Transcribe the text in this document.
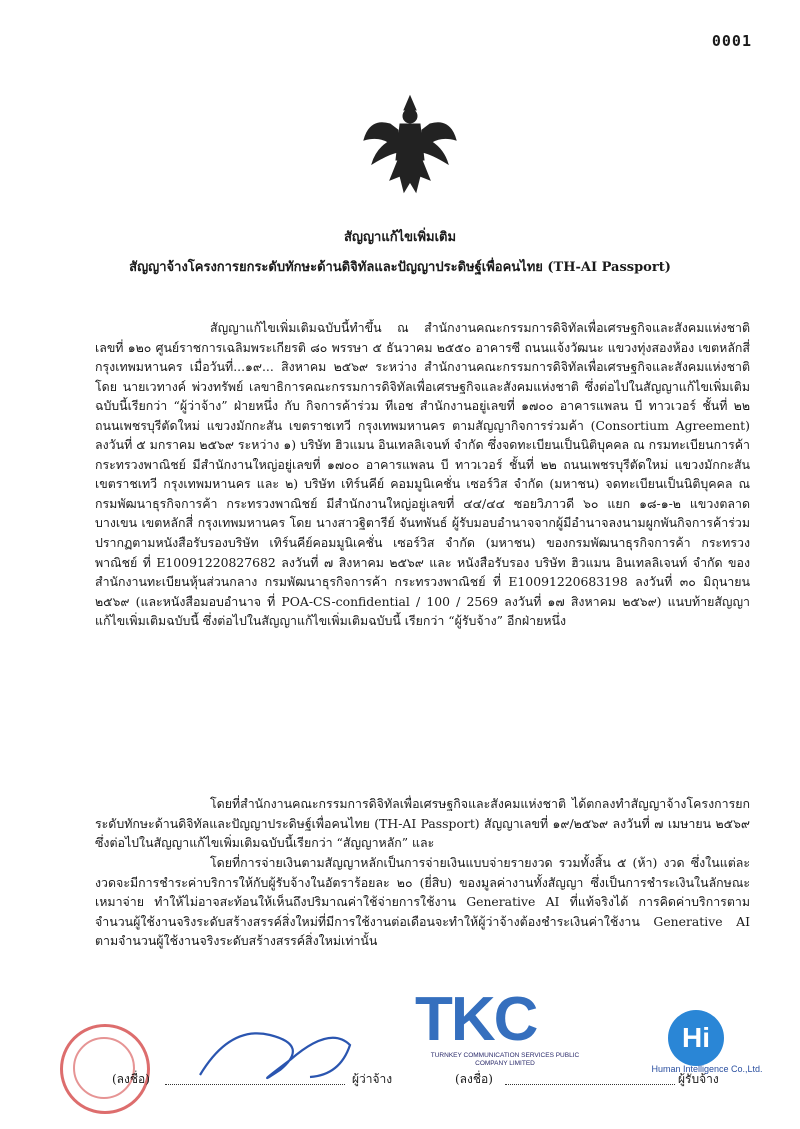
0001
สัญญาแก้ไขเพิ่มเติม
สัญญาจ้างโครงการยกระดับทักษะด้านดิจิทัลและปัญญาประดิษฐ์เพื่อคนไทย (TH-AI Passport)

สัญญาแก้ไขเพิ่มเติมฉบับนี้ทำขึ้น ณ สำนักงานคณะกรรมการดิจิทัลเพื่อเศรษฐกิจและสังคมแห่งชาติ เลขที่ ๑๒๐ ศูนย์ราชการเฉลิมพระเกียรติ ๘๐ พรรษา ๕ ธันวาคม ๒๕๕๐ อาคารซี ถนนแจ้งวัฒนะ แขวงทุ่งสองห้อง เขตหลักสี่ กรุงเทพมหานคร เมื่อวันที่...๑๙... สิงหาคม ๒๕๖๙ ระหว่าง สำนักงานคณะกรรมการดิจิทัลเพื่อเศรษฐกิจและสังคมแห่งชาติ โดย นายเวทางค์ พ่วงทรัพย์ เลขาธิการคณะกรรมการดิจิทัลเพื่อเศรษฐกิจและสังคมแห่งชาติ ซึ่งต่อไปในสัญญาแก้ไขเพิ่มเติมฉบับนี้เรียกว่า “ผู้ว่าจ้าง” ฝ่ายหนึ่ง กับ กิจการค้าร่วม ทีเอช สำนักงานอยู่เลขที่ ๑๗๐๐ อาคารแพลน บี ทาวเวอร์ ชั้นที่ ๒๒ ถนนเพชรบุรีตัดใหม่ แขวงมักกะสัน เขตราชเทวี กรุงเทพมหานคร ตามสัญญากิจการร่วมค้า (Consortium Agreement) ลงวันที่ ๕ มกราคม ๒๕๖๙ ระหว่าง ๑) บริษัท ฮิวแมน อินเทลลิเจนท์ จำกัด ซึ่งจดทะเบียนเป็นนิติบุคคล ณ กรมทะเบียนการค้า กระทรวงพาณิชย์ มีสำนักงานใหญ่อยู่เลขที่ ๑๗๐๐ อาคารแพลน บี ทาวเวอร์ ชั้นที่ ๒๒ ถนนเพชรบุรีตัดใหม่ แขวงมักกะสัน เขตราชเทวี กรุงเทพมหานคร และ ๒) บริษัท เทิร์นคีย์ คอมมูนิเคชั่น เซอร์วิส จำกัด (มหาชน) จดทะเบียนเป็นนิติบุคคล ณ กรมพัฒนาธุรกิจการค้า กระทรวงพาณิชย์ มีสำนักงานใหญ่อยู่เลขที่ ๔๔/๔๔ ซอยวิภาวดี ๖๐ แยก ๑๘-๑-๒ แขวงตลาดบางเขน เขตหลักสี่ กรุงเทพมหานคร โดย นางสาวฐิตารีย์ จันทพันธ์ ผู้รับมอบอำนาจจากผู้มีอำนาจลงนามผูกพันกิจการค้าร่วม ปรากฏตามหนังสือรับรองบริษัท เทิร์นคีย์คอมมูนิเคชั่น เซอร์วิส จำกัด (มหาชน) ของกรมพัฒนาธุรกิจการค้า กระทรวงพาณิชย์ ที่ E10091220827682 ลงวันที่ ๗ สิงหาคม ๒๕๖๙ และ หนังสือรับรอง บริษัท ฮิวแมน อินเทลลิเจนท์ จำกัด ของสำนักงานทะเบียนหุ้นส่วนกลาง กรมพัฒนาธุรกิจการค้า กระทรวงพาณิชย์ ที่ E10091220683198 ลงวันที่ ๓๐ มิถุนายน ๒๕๖๙ (และหนังสือมอบอำนาจ ที่ POA-CS-confidential / 100 / 2569 ลงวันที่ ๑๗ สิงหาคม ๒๕๖๙) แนบท้ายสัญญาแก้ไขเพิ่มเติมฉบับนี้ ซึ่งต่อไปในสัญญาแก้ไขเพิ่มเติมฉบับนี้ เรียกว่า “ผู้รับจ้าง” อีกฝ่ายหนึ่ง

โดยที่สำนักงานคณะกรรมการดิจิทัลเพื่อเศรษฐกิจและสังคมแห่งชาติ ได้ตกลงทำสัญญาจ้างโครงการยกระดับทักษะด้านดิจิทัลและปัญญาประดิษฐ์เพื่อคนไทย (TH-AI Passport) สัญญาเลขที่ ๑๙/๒๕๖๙ ลงวันที่ ๗ เมษายน ๒๕๖๙ ซึ่งต่อไปในสัญญาแก้ไขเพิ่มเติมฉบับนี้เรียกว่า “สัญญาหลัก” และ

โดยที่การจ่ายเงินตามสัญญาหลักเป็นการจ่ายเงินแบบจ่ายรายงวด รวมทั้งสิ้น ๕ (ห้า) งวด ซึ่งในแต่ละงวดจะมีการชำระค่าบริการให้กับผู้รับจ้างในอัตราร้อยละ ๒๐ (ยี่สิบ) ของมูลค่างานทั้งสัญญา ซึ่งเป็นการชำระเงินในลักษณะเหมาจ่าย ทำให้ไม่อาจสะท้อนให้เห็นถึงปริมาณค่าใช้จ่ายการใช้งาน Generative AI ที่แท้จริงได้ การคิดค่าบริการตามจำนวนผู้ใช้งานจริงระดับสร้างสรรค์สิ่งใหม่ที่มีการใช้งานต่อเดือนจะทำให้ผู้ว่าจ้างต้องชำระเงินค่าใช้งาน Generative AI ตามจำนวนผู้ใช้งานจริงระดับสร้างสรรค์สิ่งใหม่เท่านั้น

(ลงชื่อ)	ผู้ว่าจ้าง
TKC
TURNKEY COMMUNICATION SERVICES PUBLIC COMPANY LIMITED
(ลงชื่อ)	ผู้รับจ้าง
Hi
Human Intelligence Co.,Ltd.
